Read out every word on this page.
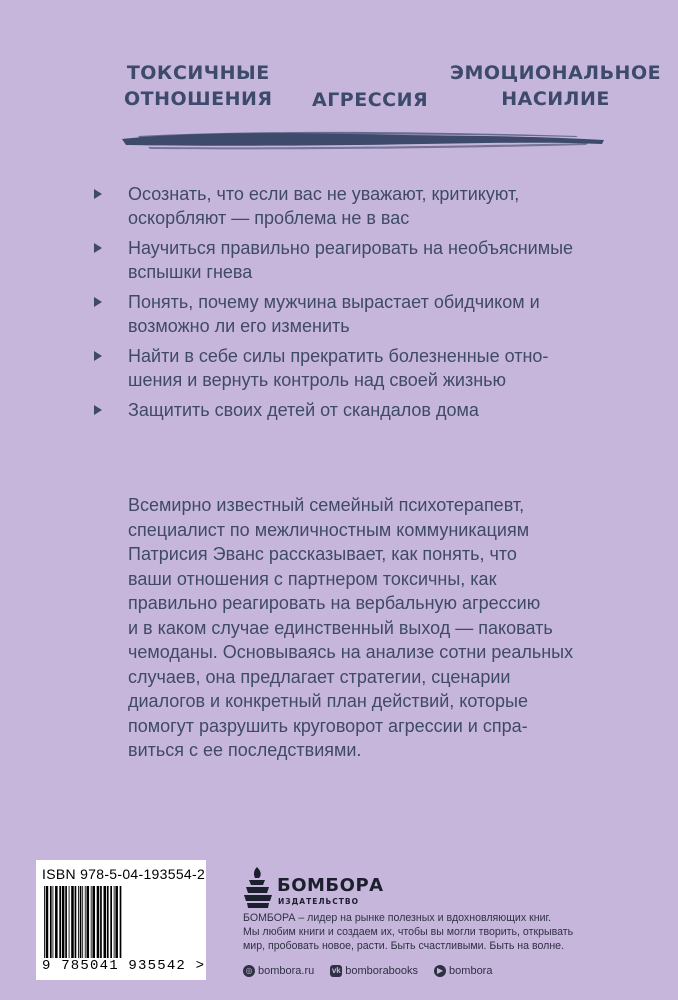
ТОКСИЧНЫЕ
ОТНОШЕНИЯ АГРЕССИЯ
ЭМОЦИОНАЛЬНОЕ
НАСИЛИЕ
Осознать, что если вас не уважают, критикуют,
оскорбляют — проблема не в вас
Научиться правильно реагировать на необъяснимые
вспышки гнева
Понять, почему мужчина вырастает обидчиком и
возможно ли его изменить
Найти в себе силы прекратить болезненные отно-
шения и вернуть контроль над своей жизнью
Защитить своих детей от скандалов дома
Всемирно известный семейный психотерапевт,
специалист по межличностным коммуникациям
Патрисия Эванс рассказывает, как понять, что
ваши отношения с партнером токсичны, как
правильно реагировать на вербальную агрессию
и в каком случае единственный выход — паковать
чемоданы. Основываясь на анализе сотни реальных
случаев, она предлагает стратегии, сценарии
диалогов и конкретный план действий, которые
помогут разрушить круговорот агрессии и спра-
виться с ее последствиями.
ISBN 978-5-04-193554-2
9 785041 935542 >
БОМБОРА
ИЗДАТЕЛЬСТВО
БОМБОРА – лидер на рынке полезных и вдохновляющих книг.
Мы любим книги и создаем их, чтобы вы могли творить, открывать
мир, пробовать новое, расти. Быть счастливыми. Быть на волне.
◎ bombora.ru vk bomborabooks	▶ bombora
